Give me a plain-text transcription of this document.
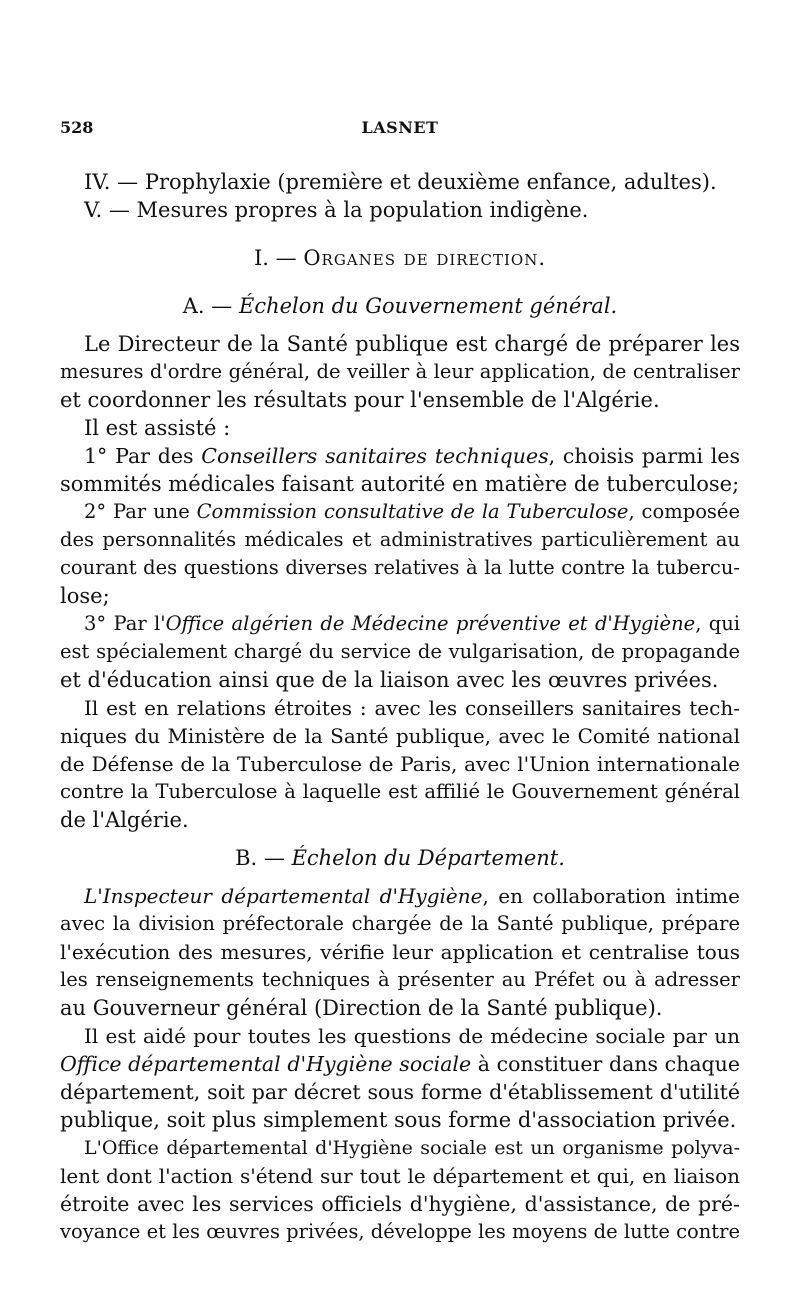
528	LASNET
IV. — Prophylaxie (première et deuxième enfance, adultes).
V. — Mesures propres à la population indigène.
I. — Organes de direction.
A. — Échelon du Gouvernement général.
Le Directeur de la Santé publique est chargé de préparer les
mesures d'ordre général, de veiller à leur application, de centraliser
et coordonner les résultats pour l'ensemble de l'Algérie.
Il est assisté :
1° Par des Conseillers sanitaires techniques, choisis parmi les
sommités médicales faisant autorité en matière de tuberculose;
2° Par une Commission consultative de la Tuberculose, composée
des personnalités médicales et administratives particulièrement au
courant des questions diverses relatives à la lutte contre la tubercu-
lose;
3° Par l'Office algérien de Médecine préventive et d'Hygiène, qui
est spécialement chargé du service de vulgarisation, de propagande
et d'éducation ainsi que de la liaison avec les œuvres privées.
Il est en relations étroites : avec les conseillers sanitaires tech-
niques du Ministère de la Santé publique, avec le Comité national
de Défense de la Tuberculose de Paris, avec l'Union internationale
contre la Tuberculose à laquelle est affilié le Gouvernement général
de l'Algérie.
B. — Échelon du Département.
L'Inspecteur départemental d'Hygiène, en collaboration intime
avec la division préfectorale chargée de la Santé publique, prépare
l'exécution des mesures, vérifie leur application et centralise tous
les renseignements techniques à présenter au Préfet ou à adresser
au Gouverneur général (Direction de la Santé publique).
Il est aidé pour toutes les questions de médecine sociale par un
Office départemental d'Hygiène sociale à constituer dans chaque
département, soit par décret sous forme d'établissement d'utilité
publique, soit plus simplement sous forme d'association privée.
L'Office départemental d'Hygiène sociale est un organisme polyva-
lent dont l'action s'étend sur tout le département et qui, en liaison
étroite avec les services officiels d'hygiène, d'assistance, de pré-
voyance et les œuvres privées, développe les moyens de lutte contre
